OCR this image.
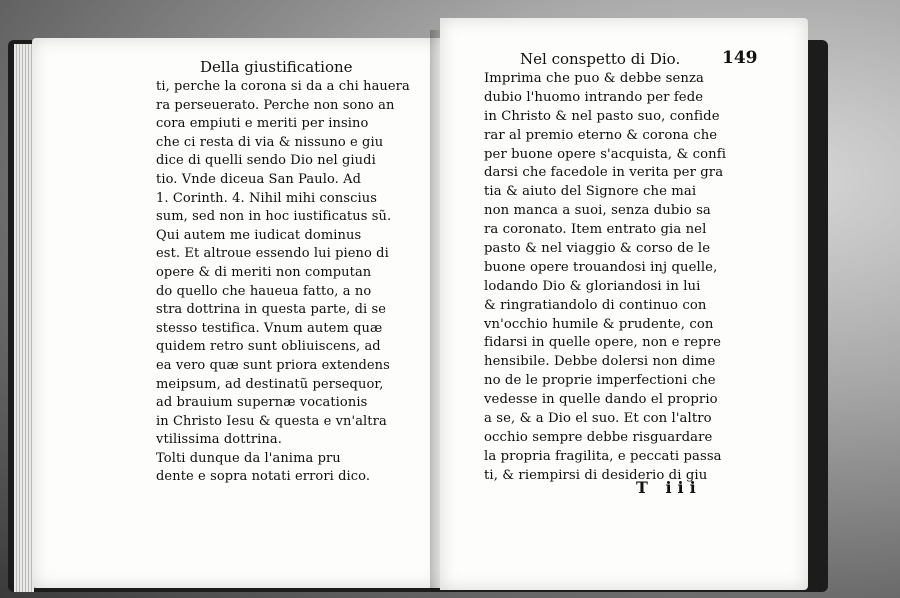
Della giustificatione
ti, perche la corona si da a chi hauera
ra perseuerato. Perche non sono an
cora empiuti e meriti per insino
che ci resta di via & nissuno e giu
dice di quelli sendo Dio nel giudi
tio. Vnde diceua San Paulo. Ad
1. Corinth. 4. Nihil mihi conscius
sum, sed non in hoc iustificatus sũ.
Qui autem me iudicat dominus
est. Et altroue essendo lui pieno di
opere & di meriti non computan
do quello che haueua fatto, a no
stra dottrina in questa parte, di se
stesso testifica. Vnum autem quæ
quidem retro sunt obliuiscens, ad
ea vero quæ sunt priora extendens
meipsum, ad destinatũ persequor,
ad brauium supernæ vocationis
in Christo Iesu & questa e vn'altra
vtilissima dottrina.
Tolti dunque da l'anima pru
dente e sopra notati errori dico.
Nel conspetto di Dio. 149
Imprima che puo & debbe senza
dubio l'huomo intrando per fede
in Christo & nel pasto suo, confide
rar al premio eterno & corona che
per buone opere s'acquista, & confi
darsi che facedole in verita per gra
tia & aiuto del Signore che mai
non manca a suoi, senza dubio sa
ra coronato. Item entrato gia nel
pasto & nel viaggio & corso de le
buone opere trouandosi inj quelle,
lodando Dio & gloriandosi in lui
& ringratiandolo di continuo con
vn'occhio humile & prudente, con
fidarsi in quelle opere, non e repre
hensibile. Debbe dolersi non dime
no de le proprie imperfectioni che
vedesse in quelle dando el proprio
a se, & a Dio el suo. Et con l'altro
occhio sempre debbe risguardare
la propria fragilita, e peccati passa
ti, & riempirsi di desiderio di giu
T iii
